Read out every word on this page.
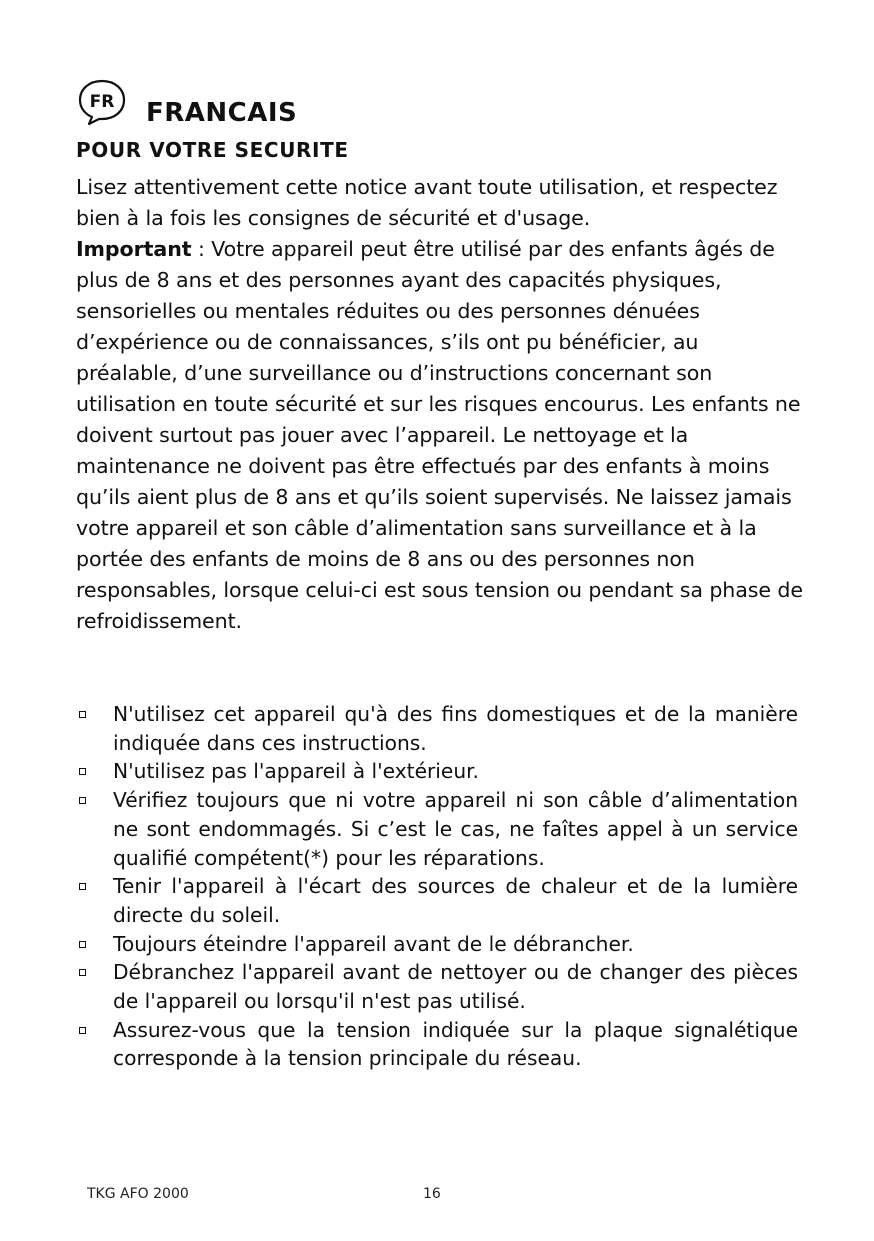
FR FRANCAIS
POUR VOTRE SECURITE
Lisez attentivement cette notice avant toute utilisation, et respectez bien à la fois les consignes de sécurité et d'usage.
Important : Votre appareil peut être utilisé par des enfants âgés de plus de 8 ans et des personnes ayant des capacités physiques, sensorielles ou mentales réduites ou des personnes dénuées d’expérience ou de connaissances, s’ils ont pu bénéficier, au préalable, d’une surveillance ou d’instructions concernant son utilisation en toute sécurité et sur les risques encourus. Les enfants ne doivent surtout pas jouer avec l’appareil. Le nettoyage et la maintenance ne doivent pas être effectués par des enfants à moins qu’ils aient plus de 8 ans et qu’ils soient supervisés. Ne laissez jamais votre appareil et son câble d’alimentation sans surveillance et à la portée des enfants de moins de 8 ans ou des personnes non responsables, lorsque celui-ci est sous tension ou pendant sa phase de refroidissement.
N'utilisez cet appareil qu'à des fins domestiques et de la manière indiquée dans ces instructions.
N'utilisez pas l'appareil à l'extérieur.
Vérifiez toujours que ni votre appareil ni son câble d’alimentation ne sont endommagés. Si c’est le cas, ne faîtes appel à un service qualifié compétent(*) pour les réparations.
Tenir l'appareil à l'écart des sources de chaleur et de la lumière directe du soleil.
Toujours éteindre l'appareil avant de le débrancher.
Débranchez l'appareil avant de nettoyer ou de changer des pièces de l'appareil ou lorsqu'il n'est pas utilisé.
Assurez-vous que la tension indiquée sur la plaque signalétique corresponde à la tension principale du réseau.
TKG AFO 2000	16
